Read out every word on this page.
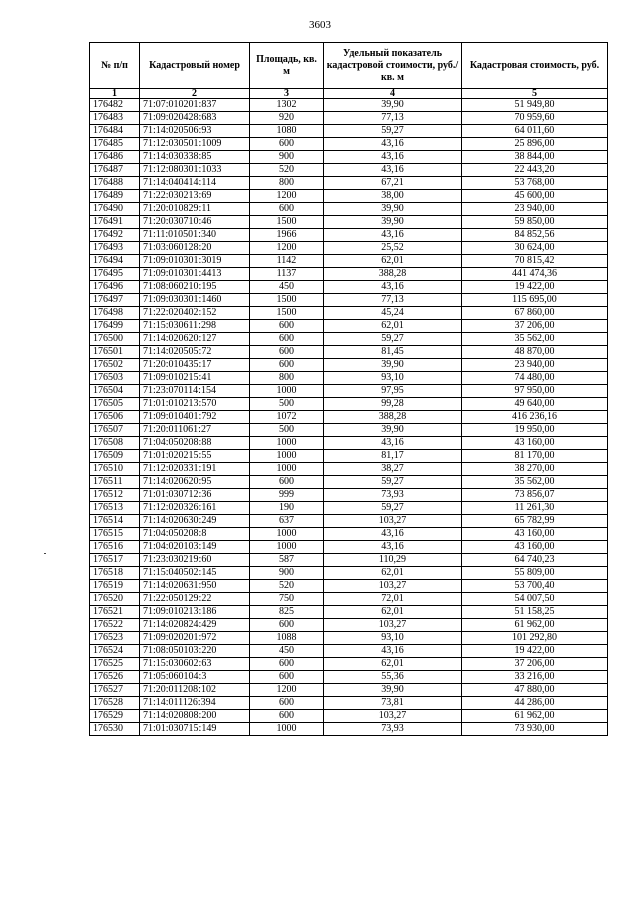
3603
№ п/п	Кадастровый номер	Площадь, кв. м	Удельный показатель кадастровой стоимости, руб./кв. м	Кадастровая стоимость, руб.
1	2	3	4	5
176482	71:07:010201:837	1302	39,90	51 949,80
176483	71:09:020428:683	920	77,13	70 959,60
176484	71:14:020506:93	1080	59,27	64 011,60
176485	71:12:030501:1009	600	43,16	25 896,00
176486	71:14:030338:85	900	43,16	38 844,00
176487	71:12:080301:1033	520	43,16	22 443,20
176488	71:14:040414:114	800	67,21	53 768,00
176489	71:22:030213:69	1200	38,00	45 600,00
176490	71:20:010829:11	600	39,90	23 940,00
176491	71:20:030710:46	1500	39,90	59 850,00
176492	71:11:010501:340	1966	43,16	84 852,56
176493	71:03:060128:20	1200	25,52	30 624,00
176494	71:09:010301:3019	1142	62,01	70 815,42
176495	71:09:010301:4413	1137	388,28	441 474,36
176496	71:08:060210:195	450	43,16	19 422,00
176497	71:09:030301:1460	1500	77,13	115 695,00
176498	71:22:020402:152	1500	45,24	67 860,00
176499	71:15:030611:298	600	62,01	37 206,00
176500	71:14:020620:127	600	59,27	35 562,00
176501	71:14:020505:72	600	81,45	48 870,00
176502	71:20:010435:17	600	39,90	23 940,00
176503	71:09:010215:41	800	93,10	74 480,00
176504	71:23:070114:154	1000	97,95	97 950,00
176505	71:01:010213:570	500	99,28	49 640,00
176506	71:09:010401:792	1072	388,28	416 236,16
176507	71:20:011061:27	500	39,90	19 950,00
176508	71:04:050208:88	1000	43,16	43 160,00
176509	71:01:020215:55	1000	81,17	81 170,00
176510	71:12:020331:191	1000	38,27	38 270,00
176511	71:14:020620:95	600	59,27	35 562,00
176512	71:01:030712:36	999	73,93	73 856,07
176513	71:12:020326:161	190	59,27	11 261,30
176514	71:14:020630:249	637	103,27	65 782,99
176515	71:04:050208:8	1000	43,16	43 160,00
176516	71:04:020103:149	1000	43,16	43 160,00
176517	71:23:030219:60	587	110,29	64 740,23
176518	71:15:040502:145	900	62,01	55 809,00
176519	71:14:020631:950	520	103,27	53 700,40
176520	71:22:050129:22	750	72,01	54 007,50
176521	71:09:010213:186	825	62,01	51 158,25
176522	71:14:020824:429	600	103,27	61 962,00
176523	71:09:020201:972	1088	93,10	101 292,80
176524	71:08:050103:220	450	43,16	19 422,00
176525	71:15:030602:63	600	62,01	37 206,00
176526	71:05:060104:3	600	55,36	33 216,00
176527	71:20:011208:102	1200	39,90	47 880,00
176528	71:14:011126:394	600	73,81	44 286,00
176529	71:14:020808:200	600	103,27	61 962,00
176530	71:01:030715:149	1000	73,93	73 930,00
